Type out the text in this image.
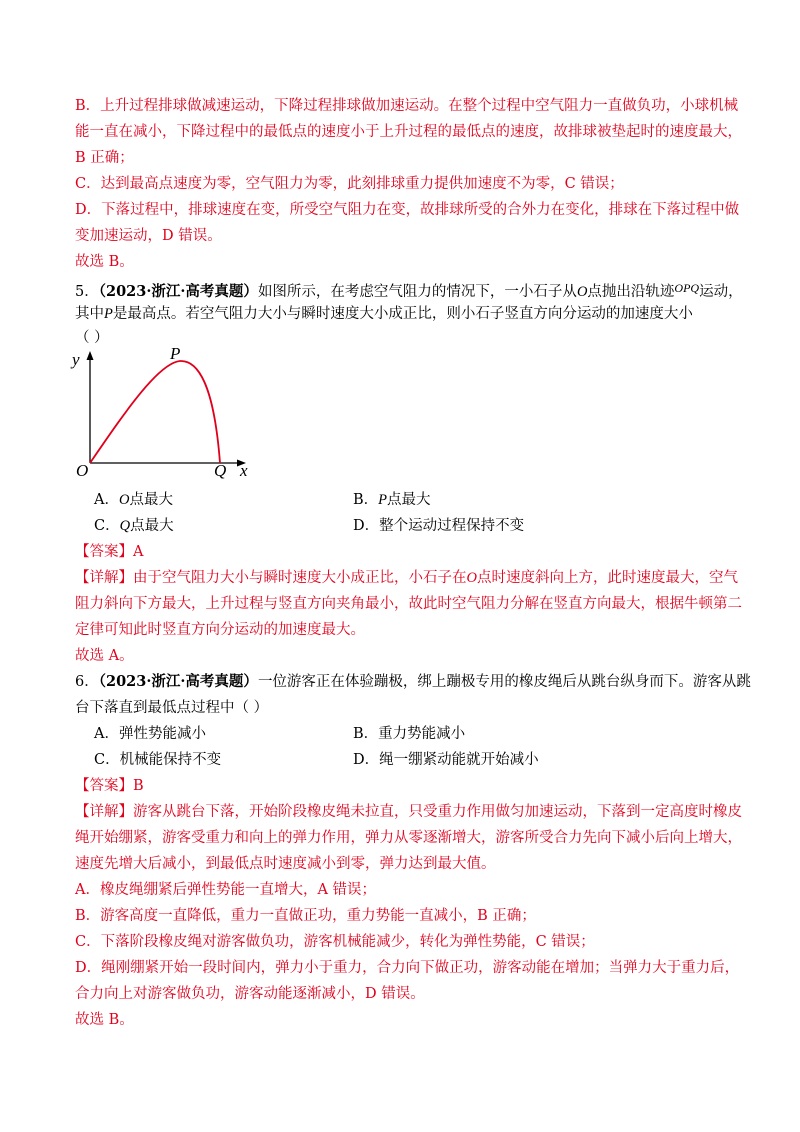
B．上升过程排球做减速运动，下降过程排球做加速运动。在整个过程中空气阻力一直做负功，小球机械
能一直在减小，下降过程中的最低点的速度小于上升过程的最低点的速度，故排球被垫起时的速度最大，
B 正确；
C．达到最高点速度为零，空气阻力为零，此刻排球重力提供加速度不为零，C 错误；
D．下落过程中，排球速度在变，所受空气阻力在变，故排球所受的合外力在变化，排球在下落过程中做
变加速运动，D 错误。
故选 B。
5．（2023·浙江·高考真题）如图所示，在考虑空气阻力的情况下，一小石子从O点抛出沿轨迹$^{OPQ}$运动，
其中P是最高点。若空气阻力大小与瞬时速度大小成正比，则小石子竖直方向分运动的加速度大小
（ ）
y
x
O
P
Q
A．O点最大	B．P点最大
C．Q点最大	D．整个运动过程保持不变
【答案】A
【详解】由于空气阻力大小与瞬时速度大小成正比，小石子在O点时速度斜向上方，此时速度最大，空气
阻力斜向下方最大，上升过程与竖直方向夹角最小，故此时空气阻力分解在竖直方向最大，根据牛顿第二
定律可知此时竖直方向分运动的加速度最大。
故选 A。
6．（2023·浙江·高考真题）一位游客正在体验蹦极，绑上蹦极专用的橡皮绳后从跳台纵身而下。游客从跳
台下落直到最低点过程中（ ）
A．弹性势能减小	B．重力势能减小
C．机械能保持不变	D．绳一绷紧动能就开始减小
【答案】B
【详解】游客从跳台下落，开始阶段橡皮绳未拉直，只受重力作用做匀加速运动，下落到一定高度时橡皮
绳开始绷紧，游客受重力和向上的弹力作用，弹力从零逐渐增大，游客所受合力先向下减小后向上增大，
速度先增大后减小，到最低点时速度减小到零，弹力达到最大值。
A．橡皮绳绷紧后弹性势能一直增大，A 错误；
B．游客高度一直降低，重力一直做正功，重力势能一直减小，B 正确；
C．下落阶段橡皮绳对游客做负功，游客机械能减少，转化为弹性势能，C 错误；
D．绳刚绷紧开始一段时间内，弹力小于重力，合力向下做正功，游客动能在增加；当弹力大于重力后，
合力向上对游客做负功，游客动能逐渐减小，D 错误。
故选 B。
